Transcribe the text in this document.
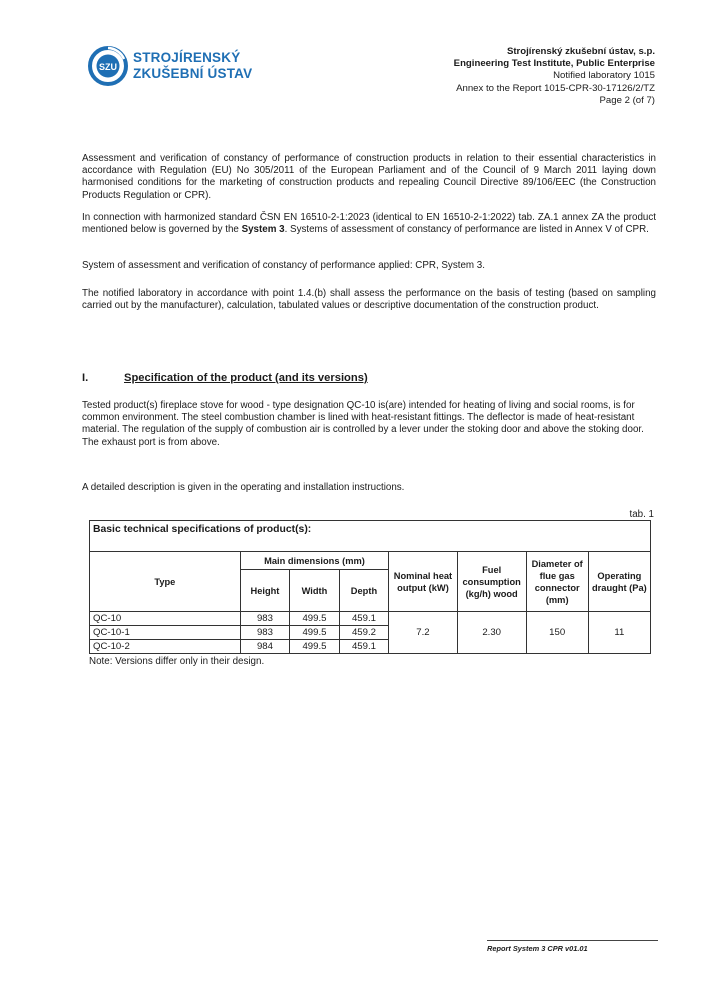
SZU
STROJÍRENSKÝ
ZKUŠEBNÍ ÚSTAV
Strojírenský zkušební ústav, s.p.
Engineering Test Institute, Public Enterprise
Notified laboratory 1015
Annex to the Report 1015-CPR-30-17126/2/TZ
Page 2 (of 7)
Assessment and verification of constancy of performance of construction products in relation to their essential characteristics in accordance with Regulation (EU) No 305/2011 of the European Parliament and of the Council of 9 March 2011 laying down harmonised conditions for the marketing of construction products and repealing Council Directive 89/106/EEC (the Construction Products Regulation or CPR).
In connection with harmonized standard ČSN EN 16510-2-1:2023 (identical to EN 16510-2-1:2022) tab. ZA.1 annex ZA the product mentioned below is governed by the System 3. Systems of assessment of constancy of performance are listed in Annex V of CPR.
System of assessment and verification of constancy of performance applied: CPR, System 3.
The notified laboratory in accordance with point 1.4.(b) shall assess the performance on the basis of testing (based on sampling carried out by the manufacturer), calculation, tabulated values or descriptive documentation of the construction product.
I.	Specification of the product (and its versions)
Tested product(s) fireplace stove for wood - type designation QC-10 is(are) intended for heating of living and social rooms, is for common environment. The steel combustion chamber is lined with heat-resistant fittings. The deflector is made of heat-resistant material. The regulation of the supply of combustion air is controlled by a lever under the stoking door and above the stoking door.
The exhaust port is from above.
A detailed description is given in the operating and installation instructions.
tab. 1
Basic technical specifications of product(s):							
Type	Main dimensions (mm)			Nominal heat output (kW)	Fuel consumption (kg/h) wood	Diameter of flue gas connector (mm)	Operating draught (Pa)
	Height	Width	Depth				
QC-10	983	499.5	459.1	7.2	2.30	150	11
QC-10-1	983	499.5	459.2				
QC-10-2	984	499.5	459.1				
Note: Versions differ only in their design.
Report System 3 CPR v01.01
